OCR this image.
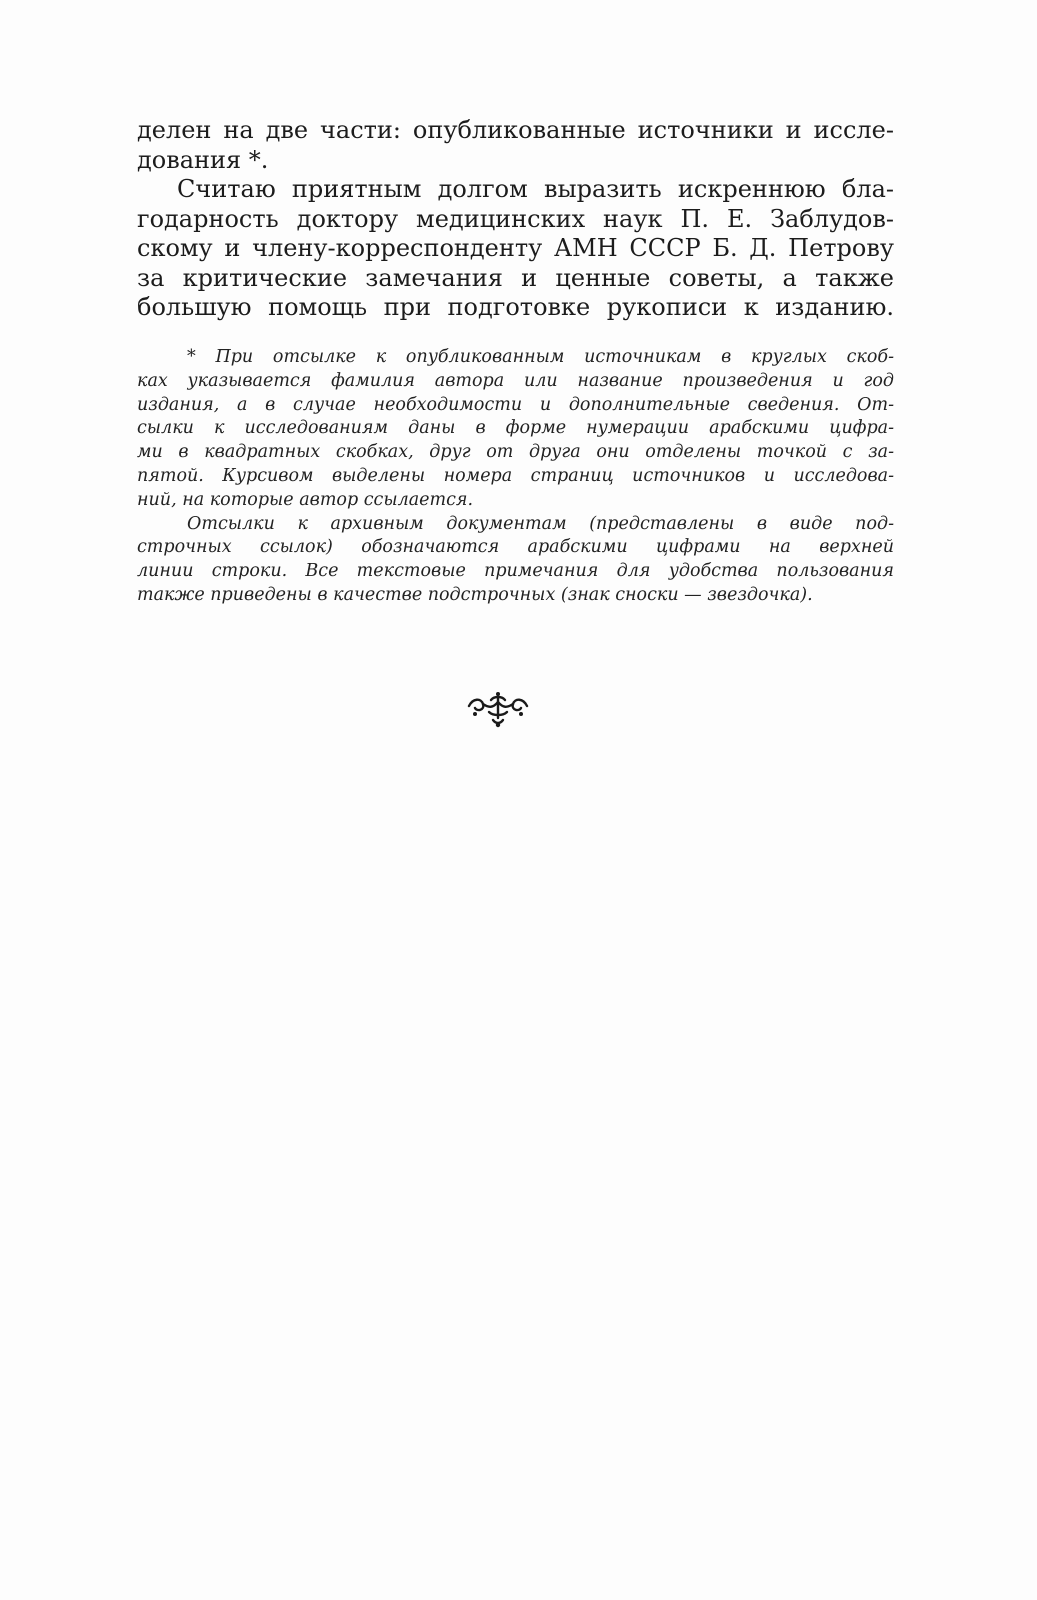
делен на две части: опубликованные источники и иссле-
дования *.
Считаю приятным долгом выразить искреннюю бла-
годарность доктору медицинских наук П. Е. Заблудов-
скому и члену-корреспонденту АМН СССР Б. Д. Петрову
за критические замечания и ценные советы, а также
большую помощь при подготовке рукописи к изданию.
* При отсылке к опубликованным источникам в круглых скоб-
ках указывается фамилия автора или название произведения и год
издания, а в случае необходимости и дополнительные сведения. От-
сылки к исследованиям даны в форме нумерации арабскими цифра-
ми в квадратных скобках, друг от друга они отделены точкой с за-
пятой. Курсивом выделены номера страниц источников и исследова-
ний, на которые автор ссылается.
Отсылки к архивным документам (представлены в виде под-
строчных ссылок) обозначаются арабскими цифрами на верхней
линии строки. Все текстовые примечания для удобства пользования
также приведены в качестве подстрочных (знак сноски — звездочка).
